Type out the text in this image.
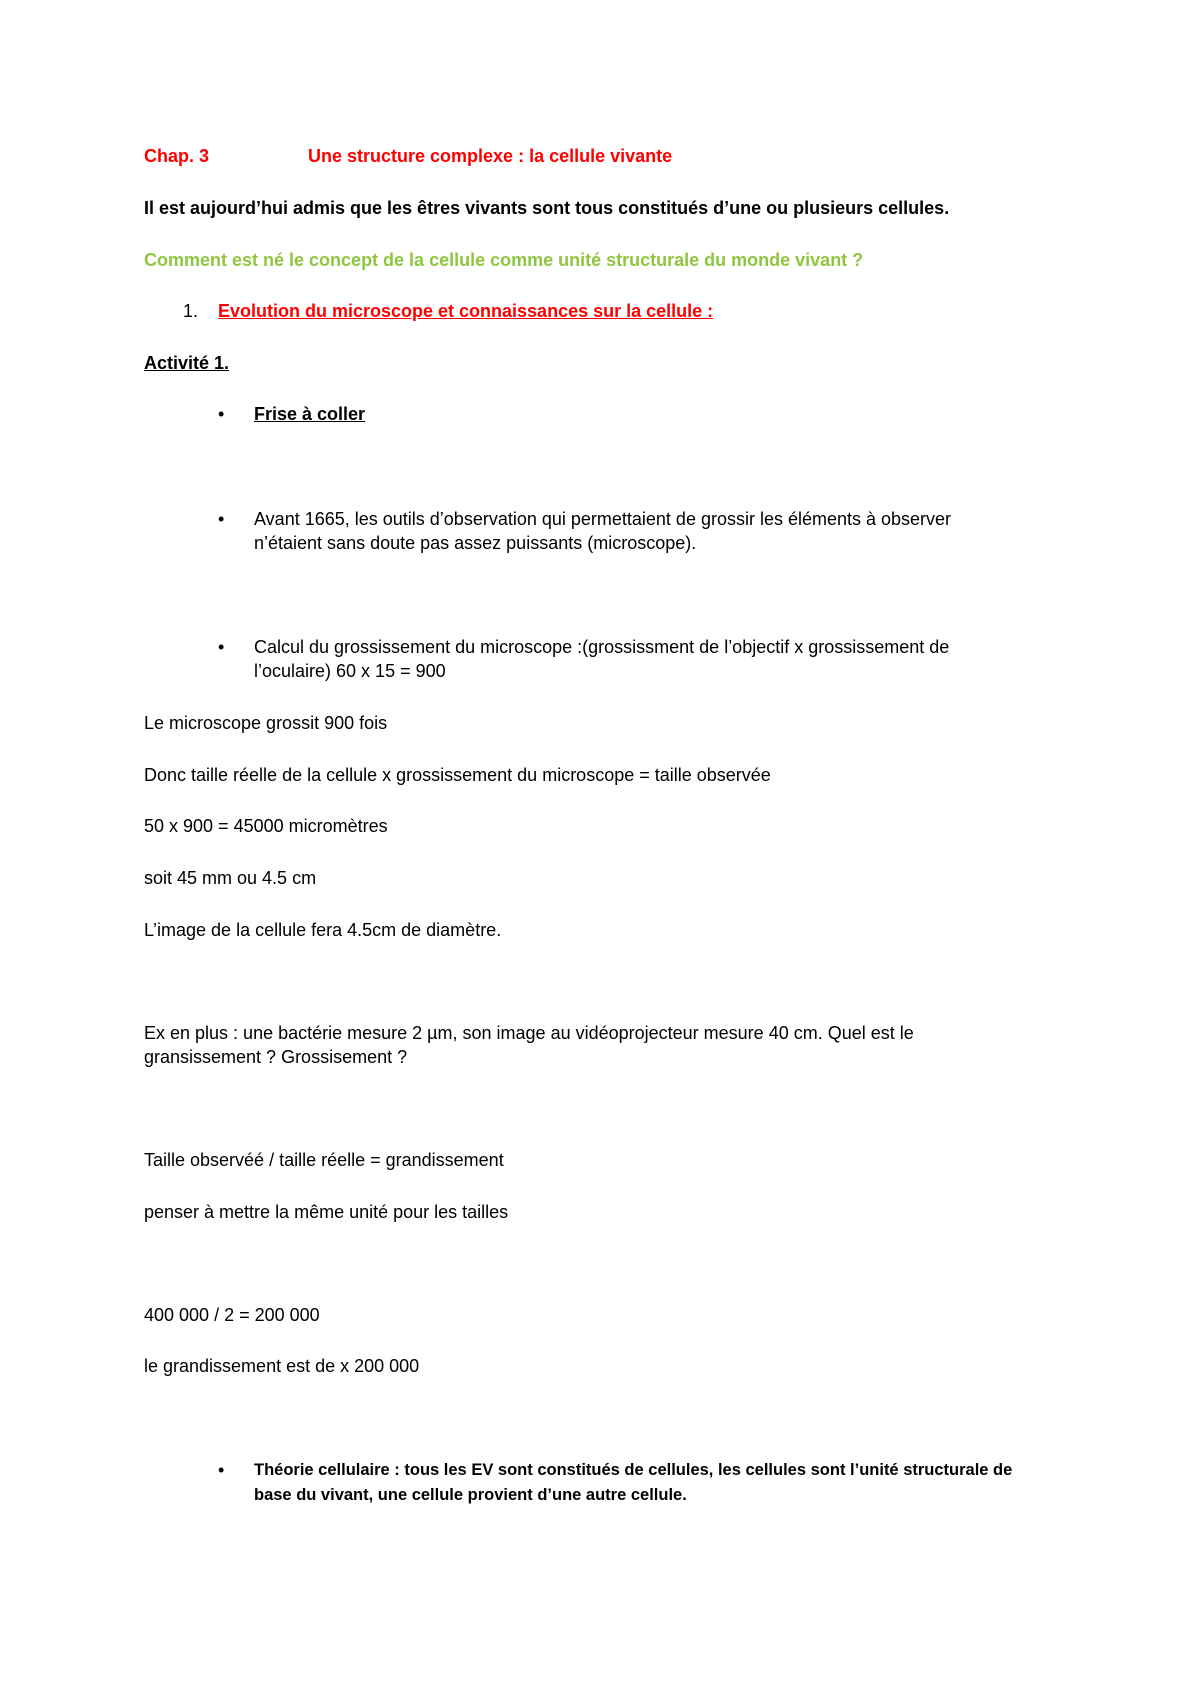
Chap. 3	Une structure complexe : la cellule vivante
Il est aujourd’hui admis que les êtres vivants sont tous constitués d’une ou plusieurs cellules.
Comment est né le concept de la cellule comme unité structurale du monde vivant ?
1. Evolution du microscope et connaissances sur la cellule :
Activité 1.
• Frise à coller
• Avant 1665, les outils d’observation qui permettaient de grossir les éléments à observer
n’étaient sans doute pas assez puissants (microscope).
• Calcul du grossissement du microscope :(grossissment de l’objectif x grossissement de
l’oculaire) 60 x 15 = 900
Le microscope grossit 900 fois
Donc taille réelle de la cellule x grossissement du microscope = taille observée
50 x 900 = 45000 micromètres
soit 45 mm ou 4.5 cm
L’image de la cellule fera 4.5cm de diamètre.
Ex en plus : une bactérie mesure 2 µm, son image au vidéoprojecteur mesure 40 cm. Quel est le
gransissement ? Grossisement ?
Taille observéé / taille réelle = grandissement
penser à mettre la même unité pour les tailles
400 000 / 2 = 200 000
le grandissement est de x 200 000
• Théorie cellulaire : tous les EV sont constitués de cellules, les cellules sont l’unité structurale de
base du vivant, une cellule provient d’une autre cellule.
